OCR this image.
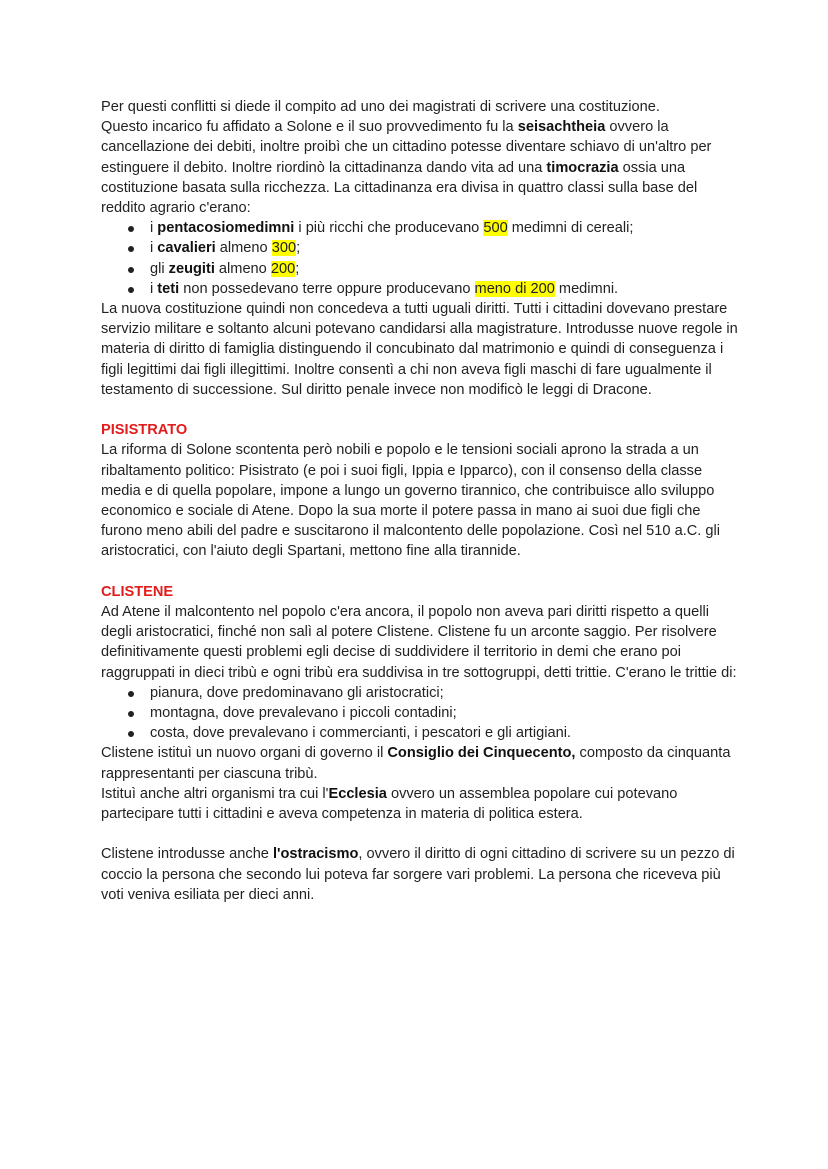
Per questi conflitti si diede il compito ad uno dei magistrati di scrivere una costituzione.
Questo incarico fu affidato a Solone e il suo provvedimento fu la seisachtheia ovvero la cancellazione dei debiti, inoltre proibì che un cittadino potesse diventare schiavo di un'altro per estinguere il debito. Inoltre riordinò la cittadinanza dando vita ad una timocrazia ossia una costituzione basata sulla ricchezza. La cittadinanza era divisa in quattro classi sulla base del reddito agrario c'erano:

i pentacosiomedimni i più ricchi che producevano 500 medimni di cereali;
i cavalieri almeno 300;
gli zeugiti almeno 200;
i teti non possedevano terre oppure producevano meno di 200 medimni.

La nuova costituzione quindi non concedeva a tutti uguali diritti. Tutti i cittadini dovevano prestare servizio militare e soltanto alcuni potevano candidarsi alla magistrature. Introdusse nuove regole in materia di diritto di famiglia distinguendo il concubinato dal matrimonio e quindi di conseguenza i figli legittimi dai figli illegittimi. Inoltre consentì a chi non aveva figli maschi di fare ugualmente il testamento di successione. Sul diritto penale invece non modificò le leggi di Dracone.

PISISTRATO

La riforma di Solone scontenta però nobili e popolo e le tensioni sociali aprono la strada a un ribaltamento politico: Pisistrato (e poi i suoi figli, Ippia e Ipparco), con il consenso della classe media e di quella popolare, impone a lungo un governo tirannico, che contribuisce allo sviluppo economico e sociale di Atene. Dopo la sua morte il potere passa in mano ai suoi due figli che furono meno abili del padre e suscitarono il malcontento delle popolazione. Così nel 510 a.C. gli aristocratici, con l'aiuto degli Spartani, mettono fine alla tirannide.

CLISTENE

Ad Atene il malcontento nel popolo c'era ancora, il popolo non aveva pari diritti rispetto a quelli degli aristocratici, finché non salì al potere Clistene. Clistene fu un arconte saggio. Per risolvere definitivamente questi problemi egli decise di suddividere il territorio in demi che erano poi raggruppati in dieci tribù e ogni tribù era suddivisa in tre sottogruppi, detti trittie. C'erano le trittie di:

pianura, dove predominavano gli aristocratici;
montagna, dove prevalevano i piccoli contadini;
costa, dove prevalevano i commercianti, i pescatori e gli artigiani.

Clistene istituì un nuovo organi di governo il Consiglio dei Cinquecento, composto da cinquanta rappresentanti per ciascuna tribù.

Istituì anche altri organismi tra cui l'Ecclesia ovvero un assemblea popolare cui potevano partecipare tutti i cittadini e aveva competenza in materia di politica estera.

Clistene introdusse anche l'ostracismo, ovvero il diritto di ogni cittadino di scrivere su un pezzo di coccio la persona che secondo lui poteva far sorgere vari problemi. La persona che riceveva più voti veniva esiliata per dieci anni.
